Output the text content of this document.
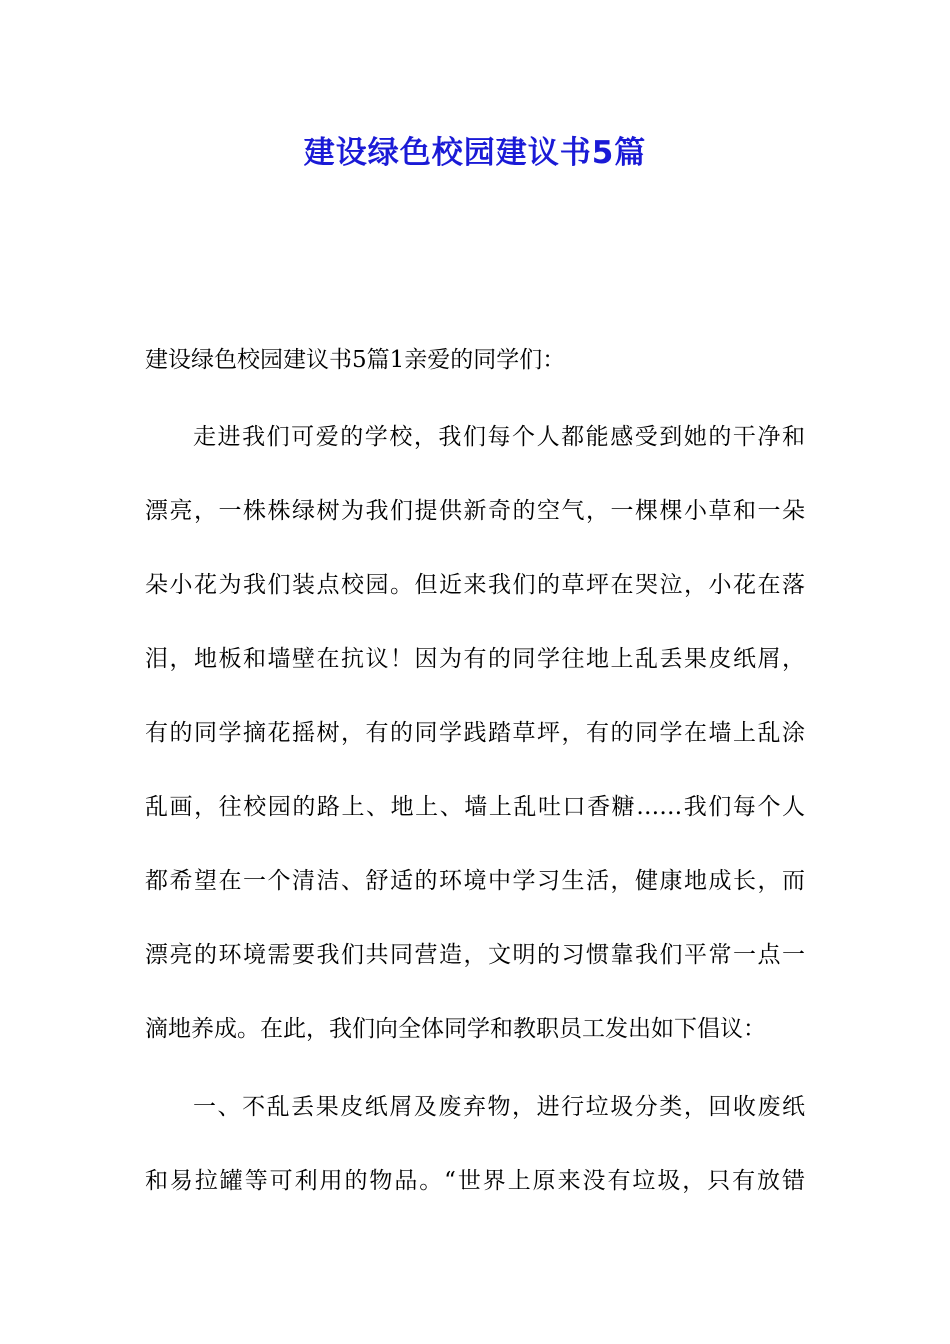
建设绿色校园建议书5篇
建设绿色校园建议书5篇1亲爱的同学们：
走进我们可爱的学校，我们每个人都能感受到她的干净和
漂亮，一株株绿树为我们提供新奇的空气，一棵棵小草和一朵
朵小花为我们装点校园。但近来我们的草坪在哭泣，小花在落
泪，地板和墙壁在抗议！因为有的同学往地上乱丢果皮纸屑，
有的同学摘花摇树，有的同学践踏草坪，有的同学在墙上乱涂
乱画，往校园的路上、地上、墙上乱吐口香糖……我们每个人
都希望在一个清洁、舒适的环境中学习生活，健康地成长，而
漂亮的环境需要我们共同营造，文明的习惯靠我们平常一点一
滴地养成。在此，我们向全体同学和教职员工发出如下倡议：
一、不乱丢果皮纸屑及废弃物，进行垃圾分类，回收废纸
和易拉罐等可利用的物品。“世界上原来没有垃圾，只有放错
